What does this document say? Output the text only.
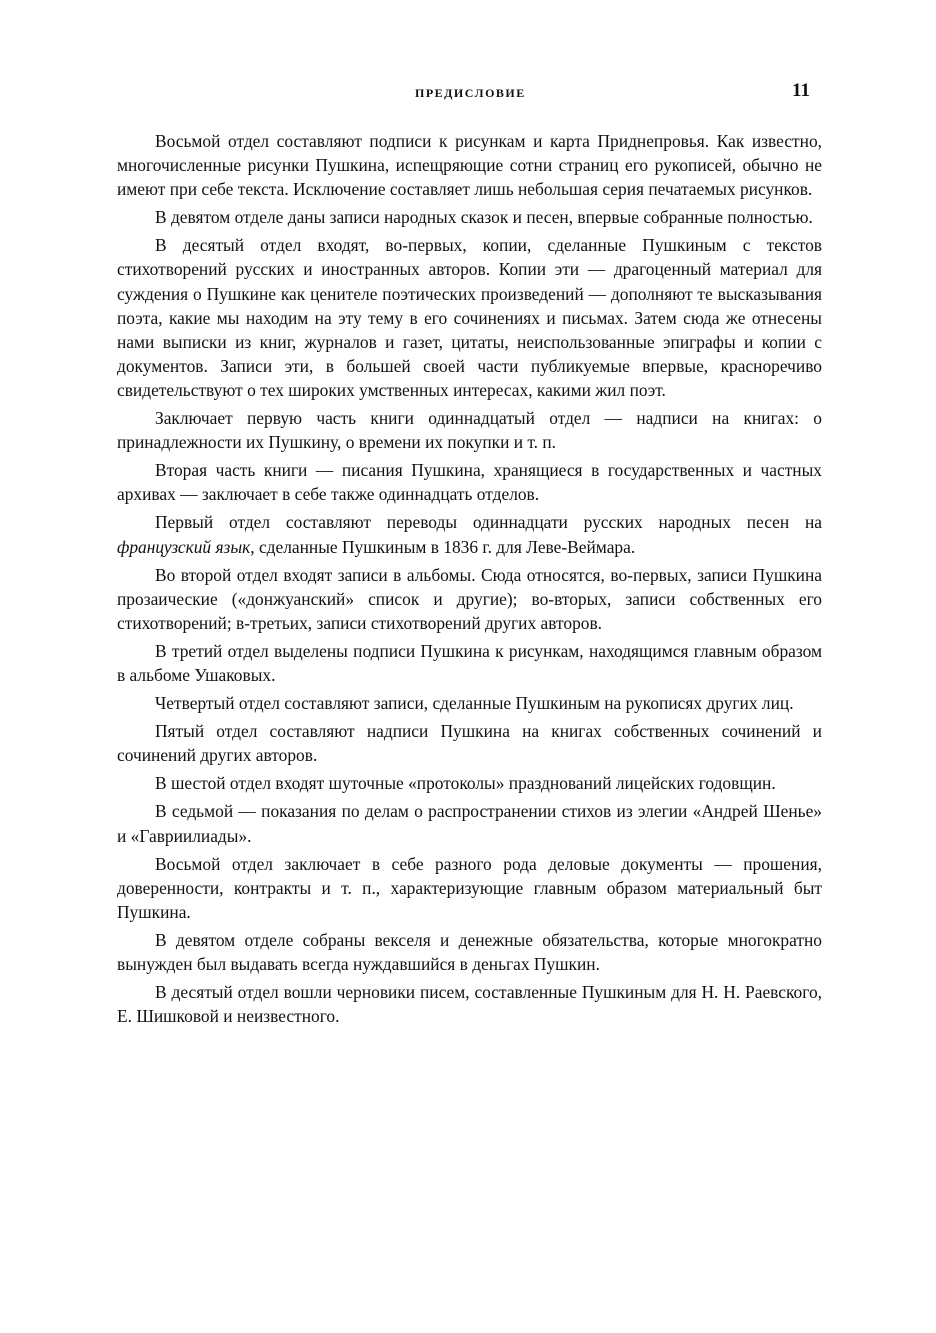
ПРЕДИСЛОВИЕ	11

Восьмой отдел составляют подписи к рисункам и карта Приднепровья. Как известно, многочисленные рисунки Пушкина, испещряющие сотни страниц его рукописей, обычно не имеют при себе текста. Исключение составляет лишь небольшая серия печатаемых рисунков.

В девятом отделе даны записи народных сказок и песен, впервые собранные полностью.

В десятый отдел входят, во-первых, копии, сделанные Пушкиным с текстов стихотворений русских и иностранных авторов. Копии эти — драгоценный материал для суждения о Пушкине как ценителе поэтических произведений — дополняют те высказывания поэта, какие мы находим на эту тему в его сочинениях и письмах. Затем сюда же отнесены нами выписки из книг, журналов и газет, цитаты, неиспользованные эпиграфы и копии с документов. Записи эти, в большей своей части публикуемые впервые, красноречиво свидетельствуют о тех широких умственных интересах, какими жил поэт.

Заключает первую часть книги одиннадцатый отдел — надписи на книгах: о принадлежности их Пушкину, о времени их покупки и т. п.

Вторая часть книги — писания Пушкина, хранящиеся в государственных и частных архивах — заключает в себе также одиннадцать отделов.

Первый отдел составляют переводы одиннадцати русских народных песен на французский язык, сделанные Пушкиным в 1836 г. для Леве-Веймара.

Во второй отдел входят записи в альбомы. Сюда относятся, во-первых, записи Пушкина прозаические («донжуанский» список и другие); во-вторых, записи собственных его стихотворений; в-третьих, записи стихотворений других авторов.

В третий отдел выделены подписи Пушкина к рисункам, находящимся главным образом в альбоме Ушаковых.

Четвертый отдел составляют записи, сделанные Пушкиным на рукописях других лиц.

Пятый отдел составляют надписи Пушкина на книгах собственных сочинений и сочинений других авторов.

В шестой отдел входят шуточные «протоколы» празднований лицейских годовщин.

В седьмой — показания по делам о распространении стихов из элегии «Андрей Шенье» и «Гавриилиады».

Восьмой отдел заключает в себе разного рода деловые документы — прошения, доверенности, контракты и т. п., характеризующие главным образом материальный быт Пушкина.

В девятом отделе собраны векселя и денежные обязательства, которые многократно вынужден был выдавать всегда нуждавшийся в деньгах Пушкин.

В десятый отдел вошли черновики писем, составленные Пушкиным для Н. Н. Раевского, Е. Шишковой и неизвестного.
